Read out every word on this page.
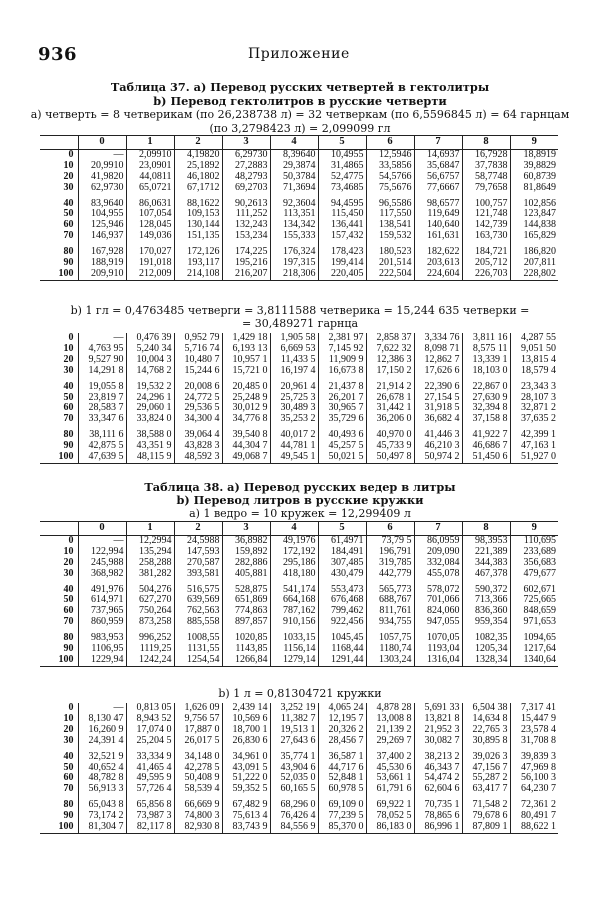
936	Приложение
Таблица 37. a) Перевод русских четвертей в гектолитры
b) Перевод гектолитров в русские четверти
a) четверть = 8 четверикам (по 26,238738 л) = 32 четверкам (по 6,5596845 л) = 64 гарнцам
(по 3,2798423 л) = 2,099099 гл
	0	1	2	3	4	5	6	7	8	9
0	—	2,09910	4,19820	6,29730	8,39640	10,4955	12,5946	14,6937	16,7928	18,8919
10	20,9910	23,0901	25,1892	27,2883	29,3874	31,4865	33,5856	35,6847	37,7838	39,8829
20	41,9820	44,0811	46,1802	48,2793	50,3784	52,4775	54,5766	56,6757	58,7748	60,8739
30	62,9730	65,0721	67,1712	69,2703	71,3694	73,4685	75,5676	77,6667	79,7658	81,8649
40	83,9640	86,0631	88,1622	90,2613	92,3604	94,4595	96,5586	98,6577	100,757	102,856
50	104,955	107,054	109,153	111,252	113,351	115,450	117,550	119,649	121,748	123,847
60	125,946	128,045	130,144	132,243	134,342	136,441	138,541	140,640	142,739	144,838
70	146,937	149,036	151,135	153,234	155,333	157,432	159,532	161,631	163,730	165,829
80	167,928	170,027	172,126	174,225	176,324	178,423	180,523	182,622	184,721	186,820
90	188,919	191,018	193,117	195,216	197,315	199,414	201,514	203,613	205,712	207,811
100	209,910	212,009	214,108	216,207	218,306	220,405	222,504	224,604	226,703	228,802
b) 1 гл = 0,4763485 четверги = 3,8111588 четверика = 15,244 635 четверки =
= 30,489271 гарнца
0	—	0,476 39	0,952 79	1,429 18	1,905 58	2,381 97	2,858 37	3,334 76	3,811 16	4,287 55
10	4,763 95	5,240 34	5,716 74	6,193 13	6,669 53	7,145 92	7,622 32	8,098 71	8,575 11	9,051 50
20	9,527 90	10,004 3	10,480 7	10,957 1	11,433 5	11,909 9	12,386 3	12,862 7	13,339 1	13,815 4
30	14,291 8	14,768 2	15,244 6	15,721 0	16,197 4	16,673 8	17,150 2	17,626 6	18,103 0	18,579 4
40	19,055 8	19,532 2	20,008 6	20,485 0	20,961 4	21,437 8	21,914 2	22,390 6	22,867 0	23,343 3
50	23,819 7	24,296 1	24,772 5	25,248 9	25,725 3	26,201 7	26,678 1	27,154 5	27,630 9	28,107 3
60	28,583 7	29,060 1	29,536 5	30,012 9	30,489 3	30,965 7	31,442 1	31,918 5	32,394 8	32,871 2
70	33,347 6	33,824 0	34,300 4	34,776 8	35,253 2	35,729 6	36,206 0	36,682 4	37,158 8	37,635 2
80	38,111 6	38,588 0	39,064 4	39,540 8	40,017 2	40,493 6	40,970 0	41,446 3	41,922 7	42,399 1
90	42,875 5	43,351 9	43,828 3	44,304 7	44,781 1	45,257 5	45,733 9	46,210 3	46,686 7	47,163 1
100	47,639 5	48,115 9	48,592 3	49,068 7	49,545 1	50,021 5	50,497 8	50,974 2	51,450 6	51,927 0
Таблица 38. a) Перевод русских ведер в литры
b) Перевод литров в русские кружки
a) 1 ведро = 10 кружек = 12,299409 л
	0	1	2	3	4	5	6	7	8	9
0	—	12,2994	24,5988	36,8982	49,1976	61,4971	73,79 5	86,0959	98,3953	110,695
10	122,994	135,294	147,593	159,892	172,192	184,491	196,791	209,090	221,389	233,689
20	245,988	258,288	270,587	282,886	295,186	307,485	319,785	332,084	344,383	356,683
30	368,982	381,282	393,581	405,881	418,180	430,479	442,779	455,078	467,378	479,677
40	491,976	504,276	516,575	528,875	541,174	553,473	565,773	578,072	590,372	602,671
50	614,971	627,270	639,569	651,869	664,168	676,468	688,767	701,066	713,366	725,665
60	737,965	750,264	762,563	774,863	787,162	799,462	811,761	824,060	836,360	848,659
70	860,959	873,258	885,558	897,857	910,156	922,456	934,755	947,055	959,354	971,653
80	983,953	996,252	1008,55	1020,85	1033,15	1045,45	1057,75	1070,05	1082,35	1094,65
90	1106,95	1119,25	1131,55	1143,85	1156,14	1168,44	1180,74	1193,04	1205,34	1217,64
100	1229,94	1242,24	1254,54	1266,84	1279,14	1291,44	1303,24	1316,04	1328,34	1340,64
b) 1 л = 0,81304721 кружки
0	—	0,813 05	1,626 09	2,439 14	3,252 19	4,065 24	4,878 28	5,691 33	6,504 38	7,317 41
10	8,130 47	8,943 52	9,756 57	10,569 6	11,382 7	12,195 7	13,008 8	13,821 8	14,634 8	15,447 9
20	16,260 9	17,074 0	17,887 0	18,700 1	19,513 1	20,326 2	21,139 2	21,952 3	22,765 3	23,578 4
30	24,391 4	25,204 5	26,017 5	26,830 6	27,643 6	28,456 7	29,269 7	30,082 7	30,895 8	31,708 8
40	32,521 9	33,334 9	34,148 0	34,961 0	35,774 1	36,587 1	37,400 2	38,213 2	39,026 3	39,839 3
50	40,652 4	41,465 4	42,278 5	43,091 5	43,904 6	44,717 6	45,530 6	46,343 7	47,156 7	47,969 8
60	48,782 8	49,595 9	50,408 9	51,222 0	52,035 0	52,848 1	53,661 1	54,474 2	55,287 2	56,100 3
70	56,913 3	57,726 4	58,539 4	59,352 5	60,165 5	60,978 5	61,791 6	62,604 6	63,417 7	64,230 7
80	65,043 8	65,856 8	66,669 9	67,482 9	68,296 0	69,109 0	69,922 1	70,735 1	71,548 2	72,361 2
90	73,174 2	73,987 3	74,800 3	75,613 4	76,426 4	77,239 5	78,052 5	78,865 6	79,678 6	80,491 7
100	81,304 7	82,117 8	82,930 8	83,743 9	84,556 9	85,370 0	86,183 0	86,996 1	87,809 1	88,622 1
